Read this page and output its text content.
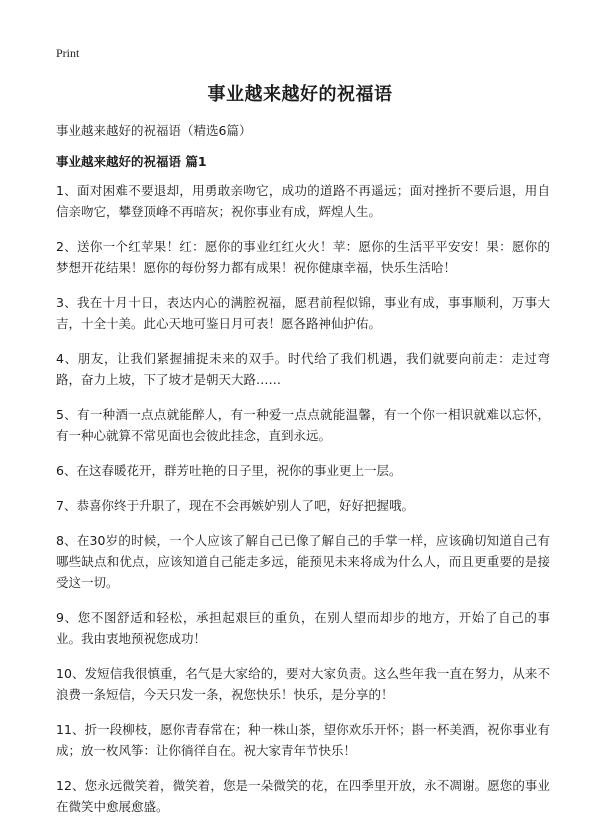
Print
事业越来越好的祝福语

事业越来越好的祝福语（精选6篇）

事业越来越好的祝福语 篇1

1、面对困难不要退却，用勇敢亲吻它，成功的道路不再遥远；面对挫折不要后退，用自信亲吻它，攀登顶峰不再暗灰；祝你事业有成，辉煌人生。
2、送你一个红苹果！红：愿你的事业红红火火！苹：愿你的生活平平安安！果：愿你的梦想开花结果！愿你的每份努力都有成果！祝你健康幸福，快乐生活哈！
3、我在十月十日，表达内心的满腔祝福，愿君前程似锦，事业有成，事事顺利，万事大吉，十全十美。此心天地可鉴日月可表！愿各路神仙护佑。
4、朋友，让我们紧握捕捉未来的双手。时代给了我们机遇，我们就要向前走：走过弯路，奋力上坡，下了坡才是朝天大路……
5、有一种酒一点点就能醉人，有一种爱一点点就能温馨，有一个你一相识就难以忘怀，有一种心就算不常见面也会彼此挂念，直到永远。
6、在这春暖花开，群芳吐艳的日子里，祝你的事业更上一层。
7、恭喜你终于升职了，现在不会再嫉妒别人了吧，好好把握哦。
8、在30岁的时候，一个人应该了解自己已像了解自己的手掌一样，应该确切知道自己有哪些缺点和优点，应该知道自己能走多远，能预见未来将成为什么人，而且更重要的是接受这一切。
9、您不图舒适和轻松，承担起艰巨的重负，在别人望而却步的地方，开始了自己的事业。我由衷地预祝您成功！
10、发短信我很慎重，名气是大家给的，要对大家负责。这么些年我一直在努力，从来不浪费一条短信，今天只发一条，祝您快乐！快乐，是分享的！
11、折一段柳枝，愿你青春常在；种一株山茶，望你欢乐开怀；斟一杯美酒，祝你事业有成；放一枚风筝：让你徜徉自在。祝大家青年节快乐！
12、您永远微笑着，微笑着，您是一朵微笑的花，在四季里开放，永不凋谢。愿您的事业在微笑中愈展愈盛。
